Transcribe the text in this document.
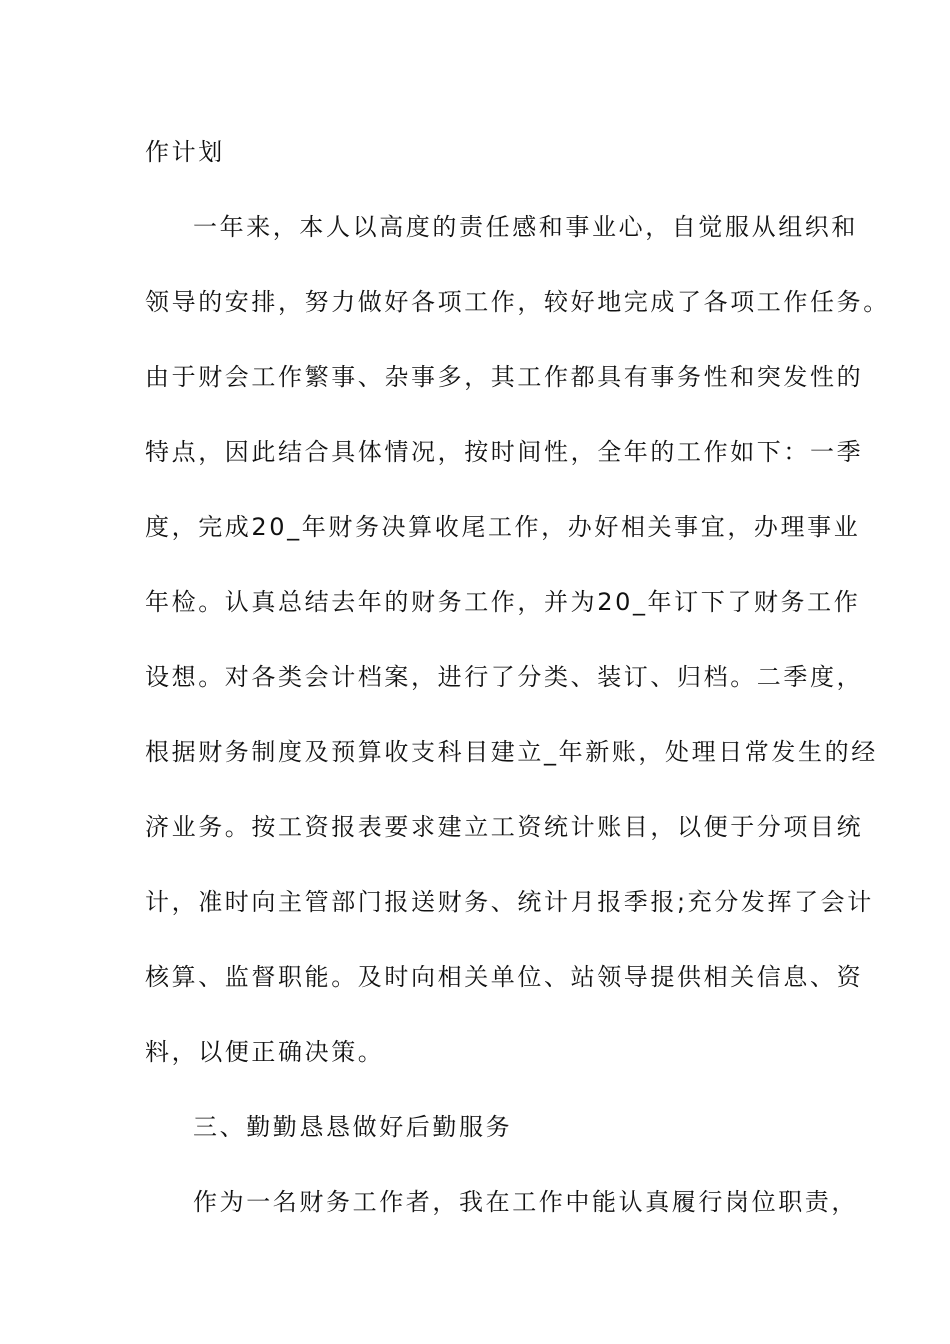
作计划
一年来，本人以高度的责任感和事业心，自觉服从组织和
领导的安排，努力做好各项工作，较好地完成了各项工作任务。
由于财会工作繁事、杂事多，其工作都具有事务性和突发性的
特点，因此结合具体情况，按时间性，全年的工作如下：一季
度，完成20_年财务决算收尾工作，办好相关事宜，办理事业
年检。认真总结去年的财务工作，并为20_年订下了财务工作
设想。对各类会计档案，进行了分类、装订、归档。二季度，
根据财务制度及预算收支科目建立_年新账，处理日常发生的经
济业务。按工资报表要求建立工资统计账目，以便于分项目统
计，准时向主管部门报送财务、统计月报季报;充分发挥了会计
核算、监督职能。及时向相关单位、站领导提供相关信息、资
料，以便正确决策。
三、勤勤恳恳做好后勤服务
作为一名财务工作者，我在工作中能认真履行岗位职责，
